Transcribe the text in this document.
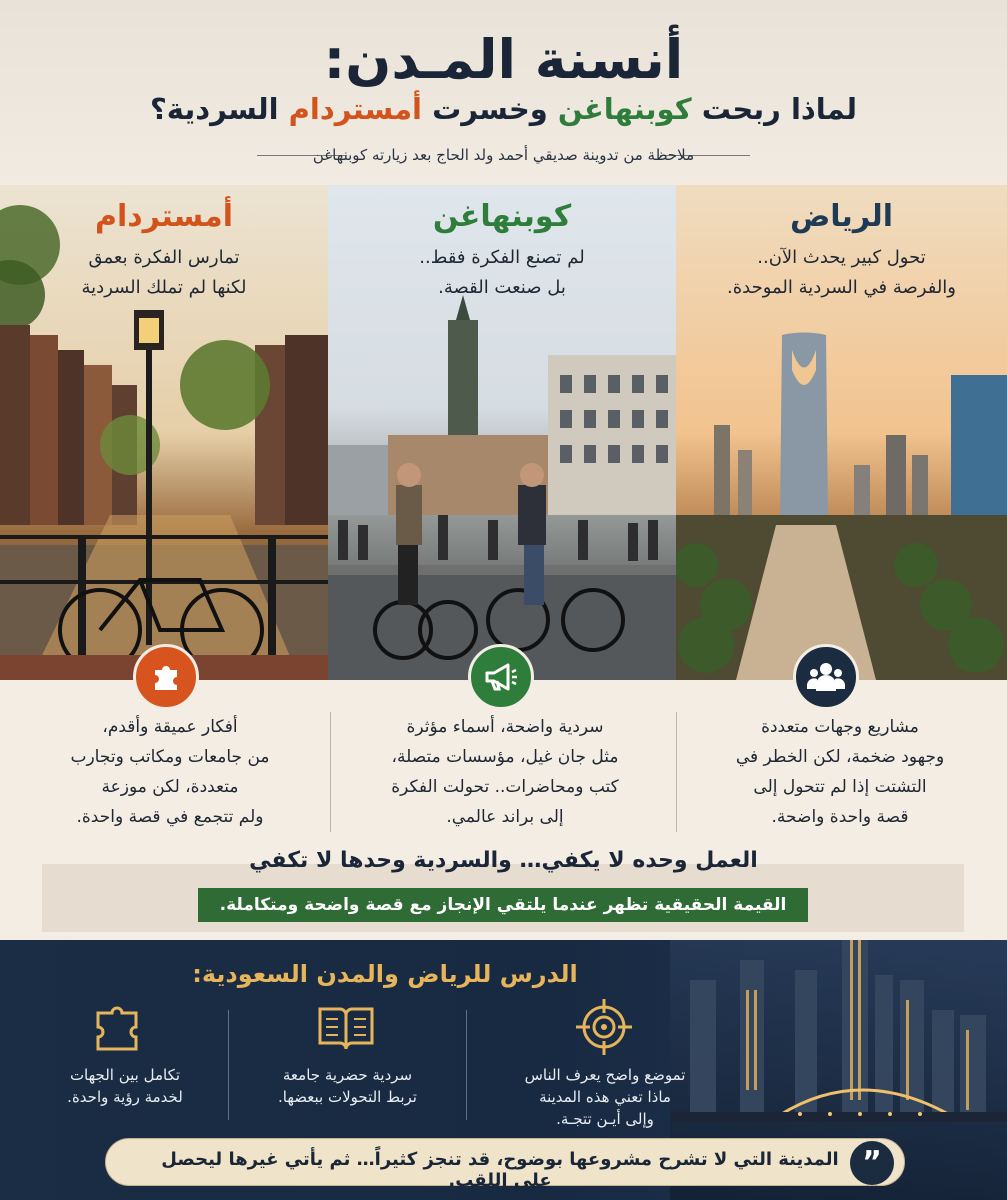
أنسنة المـدن:
لماذا ربحت كوبنهاغن وخسرت أمستردام السردية؟
ملاحظة من تدوينة صديقي أحمد ولد الحاج بعد زيارته كوبنهاغن
أمستردام
تمارس الفكرة بعمق
لكنها لم تملك السردية
كوبنهاغن
لم تصنع الفكرة فقط..
بل صنعت القصة.
الرياض
تحول كبير يحدث الآن..
والفرصة في السردية الموحدة.
أفكار عميقة وأقدم،
من جامعات ومكاتب وتجارب
متعددة، لكن موزعة
ولم تتجمع في قصة واحدة.
سردية واضحة، أسماء مؤثرة
مثل جان غيل، مؤسسات متصلة،
كتب ومحاضرات.. تحولت الفكرة
إلى براند عالمي.
مشاريع وجهات متعددة
وجهود ضخمة، لكن الخطر في
التشتت إذا لم تتحول إلى
قصة واحدة واضحة.
العمل وحده لا يكفي… والسردية وحدها لا تكفي
القيمة الحقيقية تظهر عندما يلتقي الإنجاز مع قصة واضحة ومتكاملة.
الدرس للرياض والمدن السعودية:
تموضع واضح يعرف الناس
ماذا تعني هذه المدينة
وإلى أيـن تتجـة.
سردية حضرية جامعة
تربط التحولات ببعضها.
تكامل بين الجهات
لخدمة رؤية واحدة.
”
المدينة التي لا تشرح مشروعها بوضوح، قد تنجز كثيراً… ثم يأتي غيرها ليحصل على اللقب.
